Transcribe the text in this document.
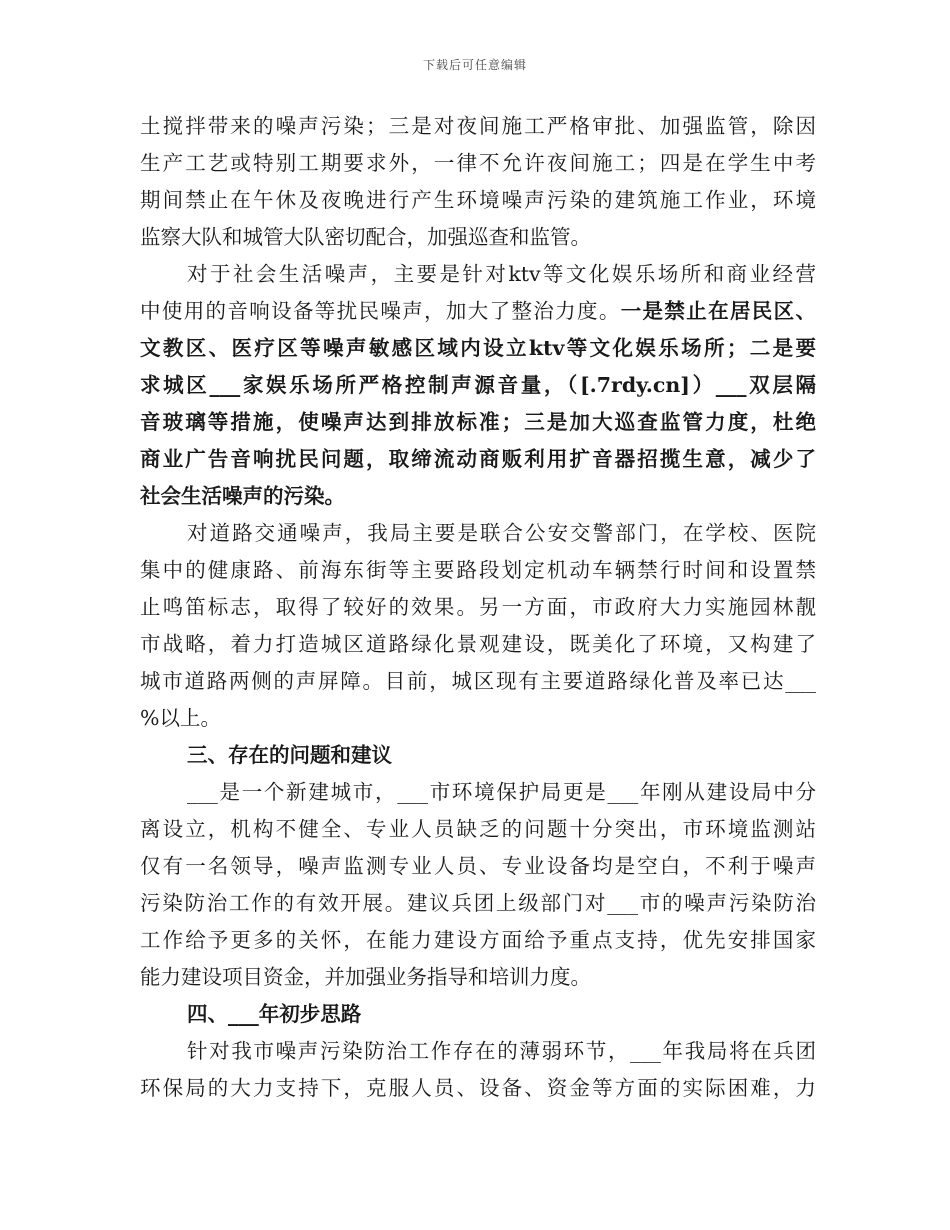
下载后可任意编辑
土搅拌带来的噪声污染；三是对夜间施工严格审批、加强监管，除因
生产工艺或特别工期要求外，一律不允许夜间施工；四是在学生中考
期间禁止在午休及夜晚进行产生环境噪声污染的建筑施工作业，环境
监察大队和城管大队密切配合，加强巡查和监管。
对于社会生活噪声，主要是针对ktv等文化娱乐场所和商业经营
中使用的音响设备等扰民噪声，加大了整治力度。一是禁止在居民区、
文教区、医疗区等噪声敏感区域内设立ktv等文化娱乐场所；二是要
求城区___家娱乐场所严格控制声源音量，（[.7rdy.cn]）___双层隔
音玻璃等措施，使噪声达到排放标准；三是加大巡查监管力度，杜绝
商业广告音响扰民问题，取缔流动商贩利用扩音器招揽生意，减少了
社会生活噪声的污染。
对道路交通噪声，我局主要是联合公安交警部门，在学校、医院
集中的健康路、前海东街等主要路段划定机动车辆禁行时间和设置禁
止鸣笛标志，取得了较好的效果。另一方面，市政府大力实施园林靓
市战略，着力打造城区道路绿化景观建设，既美化了环境，又构建了
城市道路两侧的声屏障。目前，城区现有主要道路绿化普及率已达___
%以上。
三、存在的问题和建议
___是一个新建城市，___市环境保护局更是___年刚从建设局中分
离设立，机构不健全、专业人员缺乏的问题十分突出，市环境监测站
仅有一名领导，噪声监测专业人员、专业设备均是空白，不利于噪声
污染防治工作的有效开展。建议兵团上级部门对___市的噪声污染防治
工作给予更多的关怀，在能力建设方面给予重点支持，优先安排国家
能力建设项目资金，并加强业务指导和培训力度。
四、___年初步思路
针对我市噪声污染防治工作存在的薄弱环节，___年我局将在兵团
环保局的大力支持下，克服人员、设备、资金等方面的实际困难，力
